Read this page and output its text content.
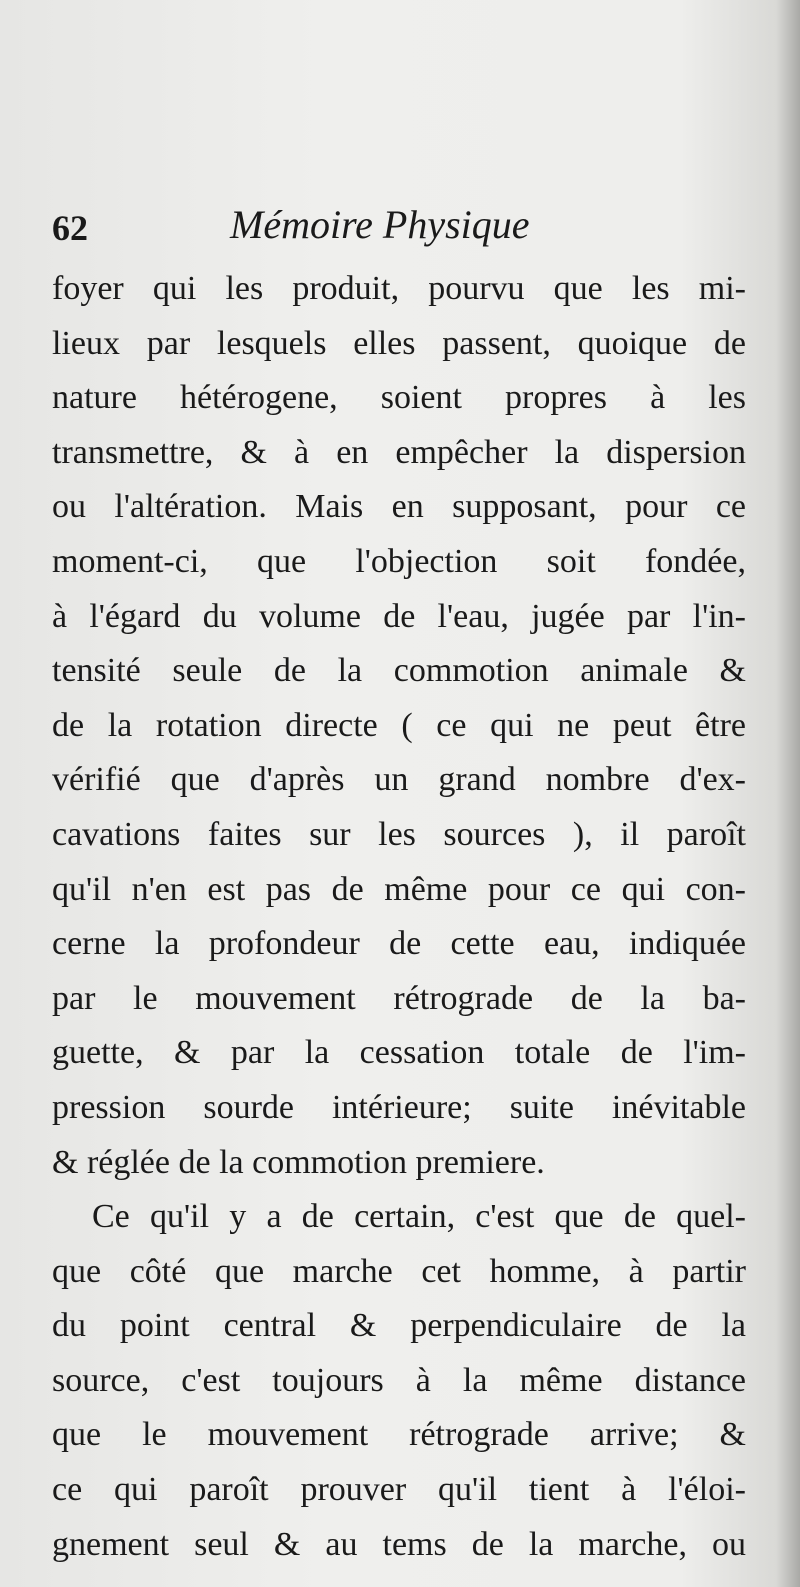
62	Mémoire Physique
foyer qui les produit, pourvu que les mi-
lieux par lesquels elles passent, quoique de
nature hétérogene, soient propres à les
transmettre, & à en empêcher la dispersion
ou l'altération. Mais en supposant, pour ce
moment-ci, que l'objection soit fondée,
à l'égard du volume de l'eau, jugée par l'in-
tensité seule de la commotion animale &
de la rotation directe ( ce qui ne peut être
vérifié que d'après un grand nombre d'ex-
cavations faites sur les sources ), il paroît
qu'il n'en est pas de même pour ce qui con-
cerne la profondeur de cette eau, indiquée
par le mouvement rétrograde de la ba-
guette, & par la cessation totale de l'im-
pression sourde intérieure; suite inévitable
& réglée de la commotion premiere.
Ce qu'il y a de certain, c'est que de quel-
que côté que marche cet homme, à partir
du point central & perpendiculaire de la
source, c'est toujours à la même distance
que le mouvement rétrograde arrive; &
ce qui paroît prouver qu'il tient à l'éloi-
gnement seul & au tems de la marche, ou
